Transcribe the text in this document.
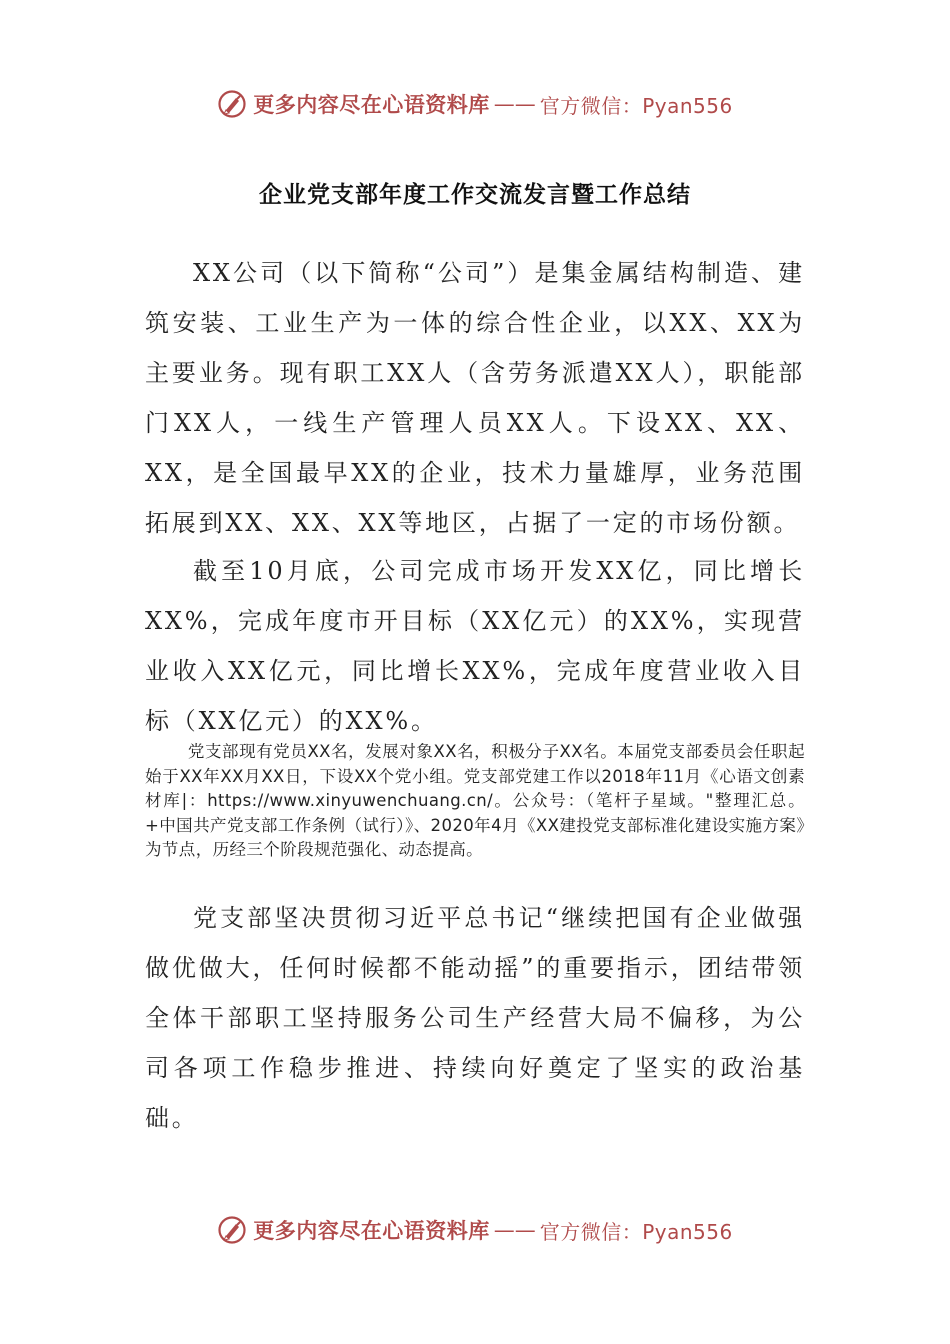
更多内容尽在心语资料库 —— 官方微信：Pyan556
企业党支部年度工作交流发言暨工作总结

XX公司（以下简称“公司”）是集金属结构制造、建筑安装、工业生产为一体的综合性企业，以XX、XX为主要业务。现有职工XX人（含劳务派遣XX人），职能部门XX人，一线生产管理人员XX人。下设XX、XX、XX，是全国最早XX的企业，技术力量雄厚，业务范围拓展到XX、XX、XX等地区，占据了一定的市场份额。

截至10月底，公司完成市场开发XX亿，同比增长XX%，完成年度市开目标（XX亿元）的XX%，实现营业收入XX亿元，同比增长XX%，完成年度营业收入目标（XX亿元）的XX%。

党支部现有党员XX名，发展对象XX名，积极分子XX名。本届党支部委员会任职起始于XX年XX月XX日，下设XX个党小组。党支部党建工作以2018年11月《心语文创素材库|：https://www.xinyuwenchuang.cn/。公众号：（笔杆子星域。"整理汇总。+中国共产党支部工作条例（试行）》、2020年4月《XX建投党支部标准化建设实施方案》为节点，历经三个阶段规范强化、动态提高。

党支部坚决贯彻习近平总书记“继续把国有企业做强做优做大，任何时候都不能动摇”的重要指示，团结带领全体干部职工坚持服务公司生产经营大局不偏移，为公司各项工作稳步推进、持续向好奠定了坚实的政治基础。

更多内容尽在心语资料库 —— 官方微信：Pyan556
